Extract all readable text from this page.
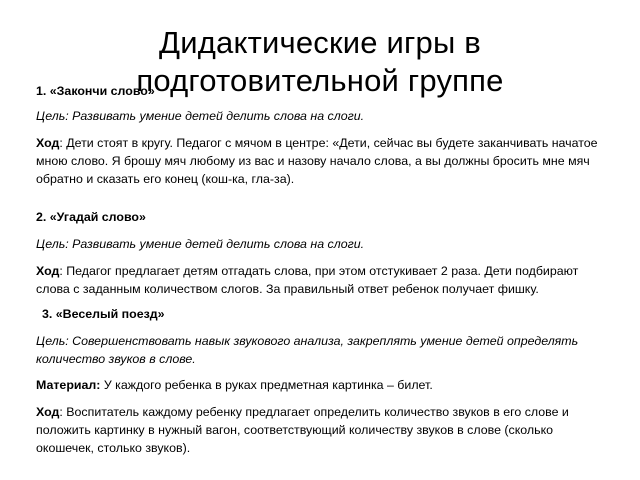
Дидактические игры в
подготовительной группе
1. «Закончи слово»
Цель: Развивать умение детей делить слова на слоги.
Ход: Дети стоят в кругу. Педагог с мячом в центре: «Дети, сейчас вы будете заканчивать начатое мною слово. Я брошу мяч любому из вас и назову начало слова, а вы должны бросить мне мяч обратно и сказать его конец (кош-ка, гла-за).
2. «Угадай слово»
Цель: Развивать умение детей делить слова на слоги.
Ход: Педагог предлагает детям отгадать слова, при этом отстукивает 2 раза. Дети подбирают слова с заданным количеством слогов. За правильный ответ ребенок получает фишку.
3. «Веселый поезд»
Цель: Совершенствовать навык звукового анализа, закреплять умение детей определять количество звуков в слове.
Материал: У каждого ребенка в руках предметная картинка – билет.
Ход: Воспитатель каждому ребенку предлагает определить количество звуков в его слове и положить картинку в нужный вагон, соответствующий количеству звуков в слове (сколько окошечек, столько звуков).
